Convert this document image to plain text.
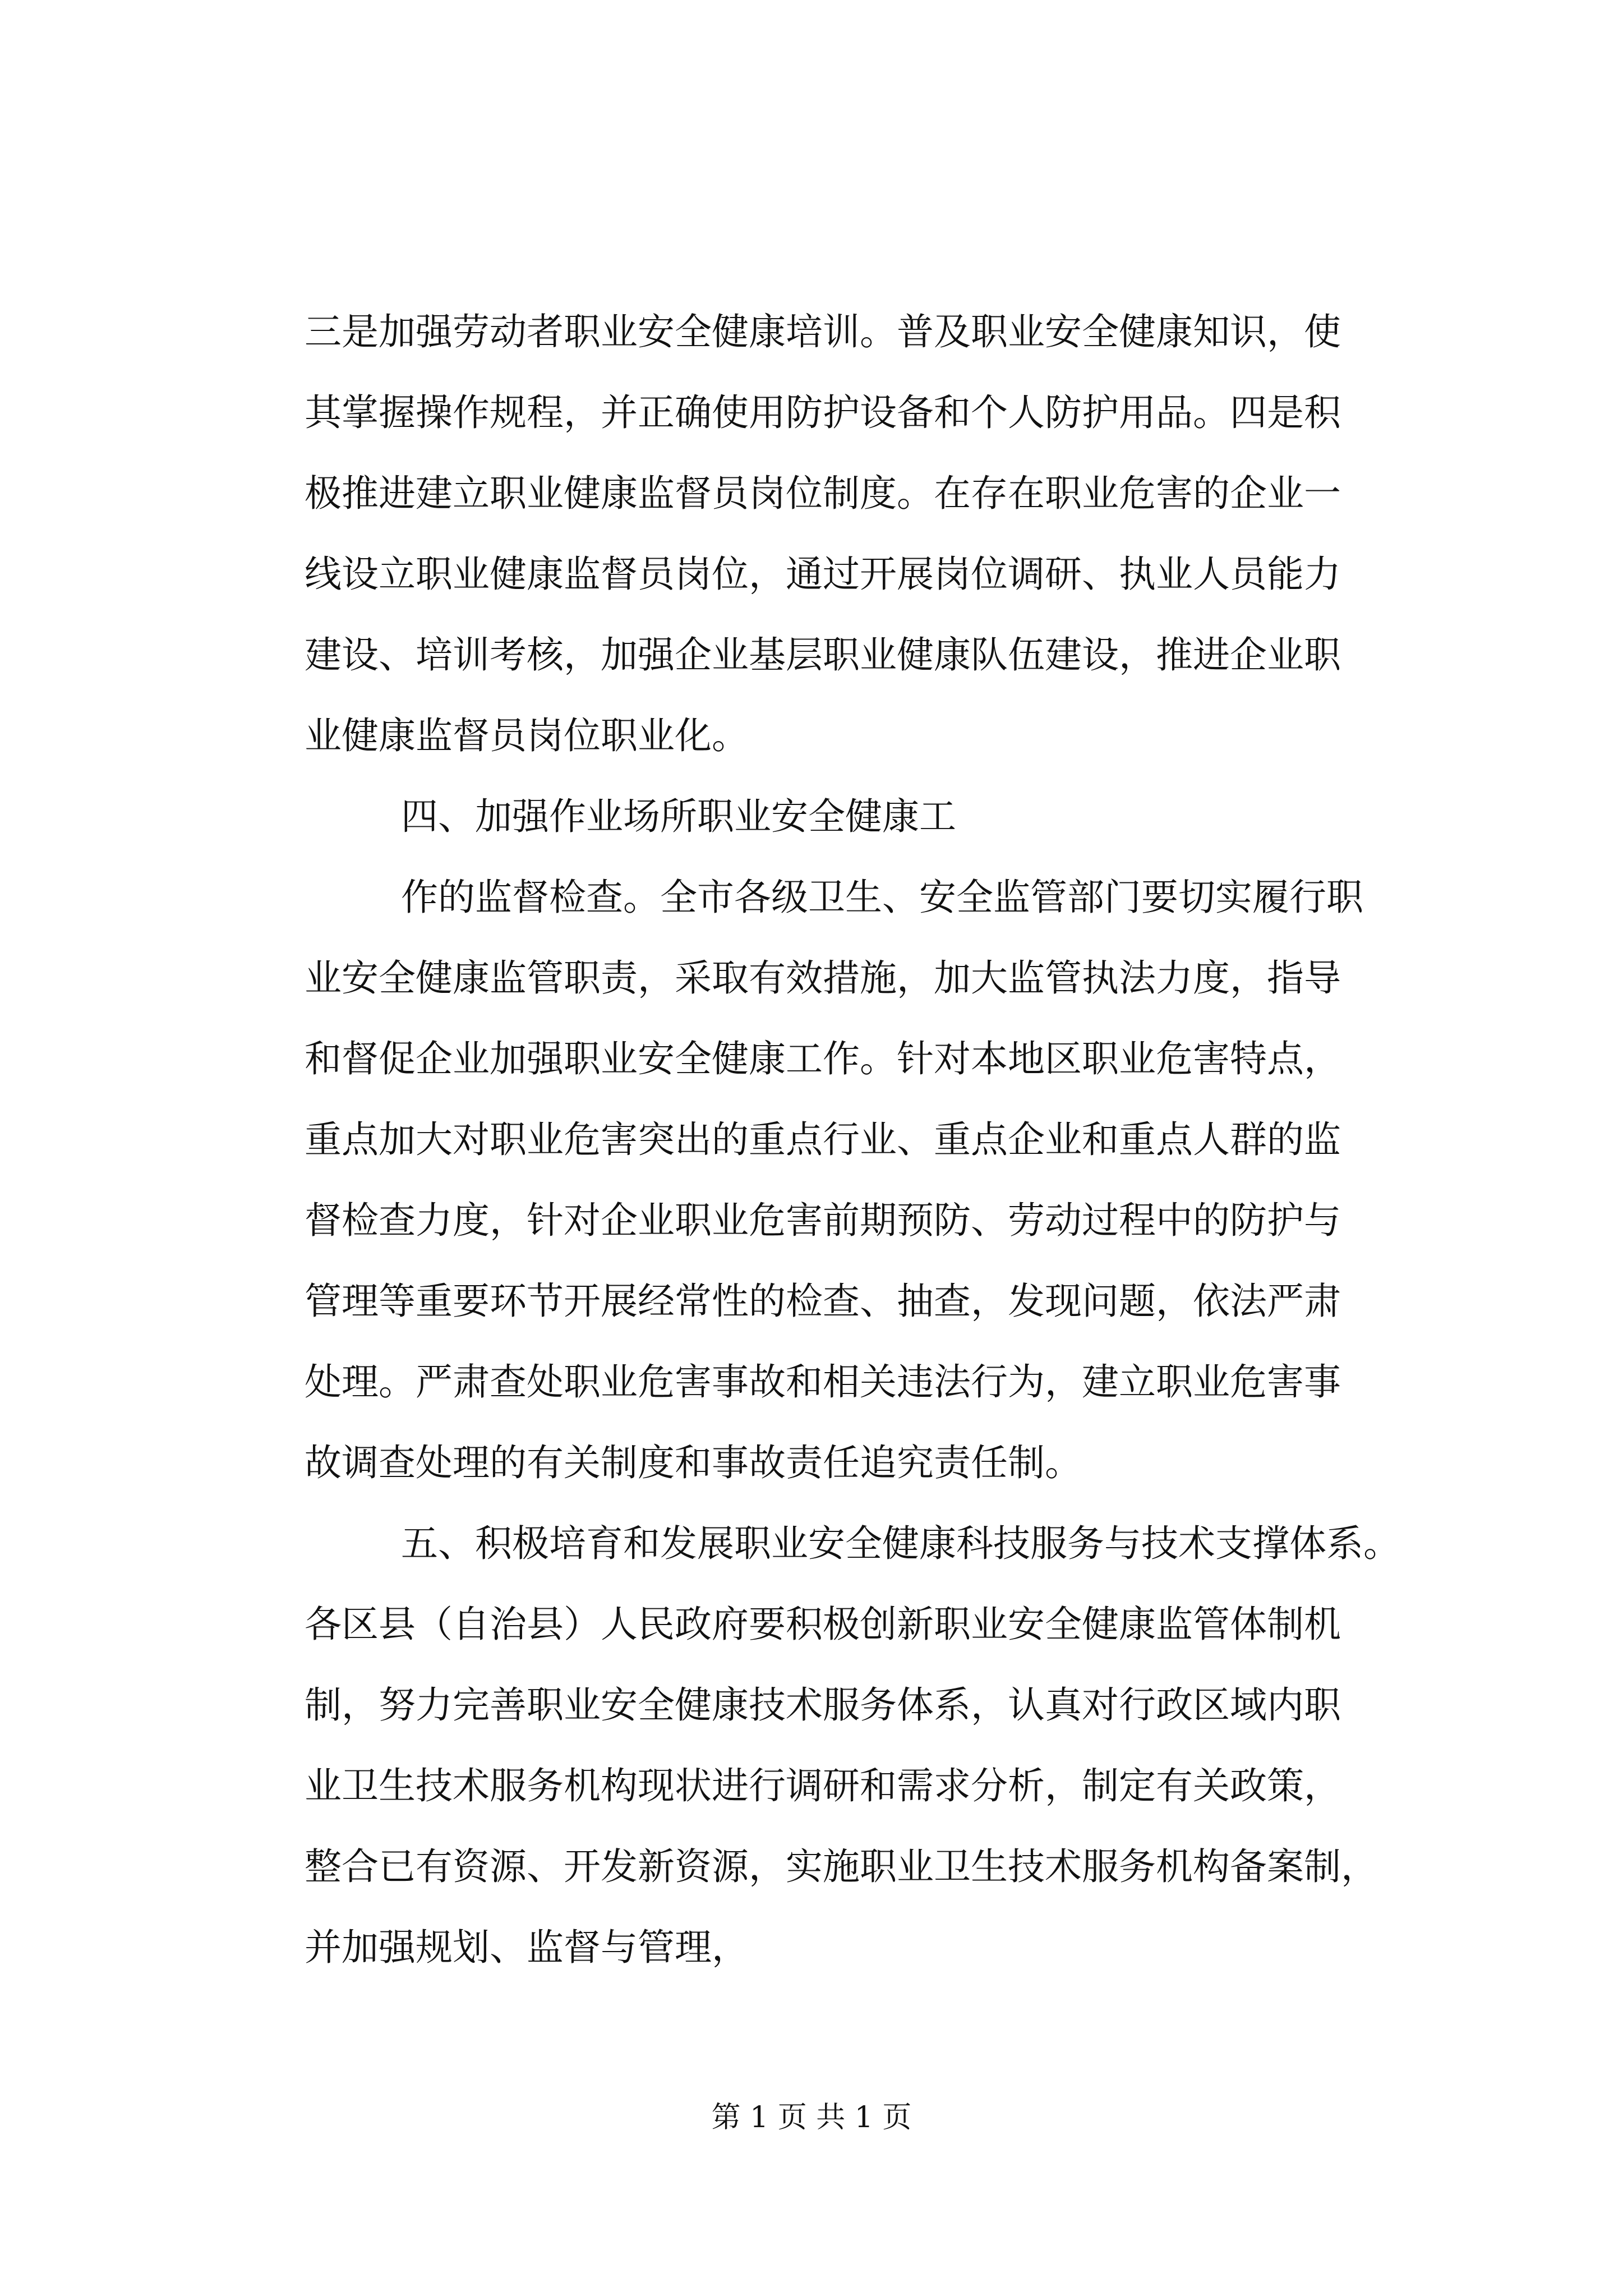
三是加强劳动者职业安全健康培训。普及职业安全健康知识，使
其掌握操作规程，并正确使用防护设备和个人防护用品。四是积
极推进建立职业健康监督员岗位制度。在存在职业危害的企业一
线设立职业健康监督员岗位，通过开展岗位调研、执业人员能力
建设、培训考核，加强企业基层职业健康队伍建设，推进企业职
业健康监督员岗位职业化。
四、加强作业场所职业安全健康工
作的监督检查。全市各级卫生、安全监管部门要切实履行职
业安全健康监管职责，采取有效措施，加大监管执法力度，指导
和督促企业加强职业安全健康工作。针对本地区职业危害特点，
重点加大对职业危害突出的重点行业、重点企业和重点人群的监
督检查力度，针对企业职业危害前期预防、劳动过程中的防护与
管理等重要环节开展经常性的检查、抽查，发现问题，依法严肃
处理。严肃查处职业危害事故和相关违法行为，建立职业危害事
故调查处理的有关制度和事故责任追究责任制。
五、积极培育和发展职业安全健康科技服务与技术支撑体系。
各区县（自治县）人民政府要积极创新职业安全健康监管体制机
制，努力完善职业安全健康技术服务体系，认真对行政区域内职
业卫生技术服务机构现状进行调研和需求分析，制定有关政策，
整合已有资源、开发新资源，实施职业卫生技术服务机构备案制，
并加强规划、监督与管理，
第 1 页 共 1 页
